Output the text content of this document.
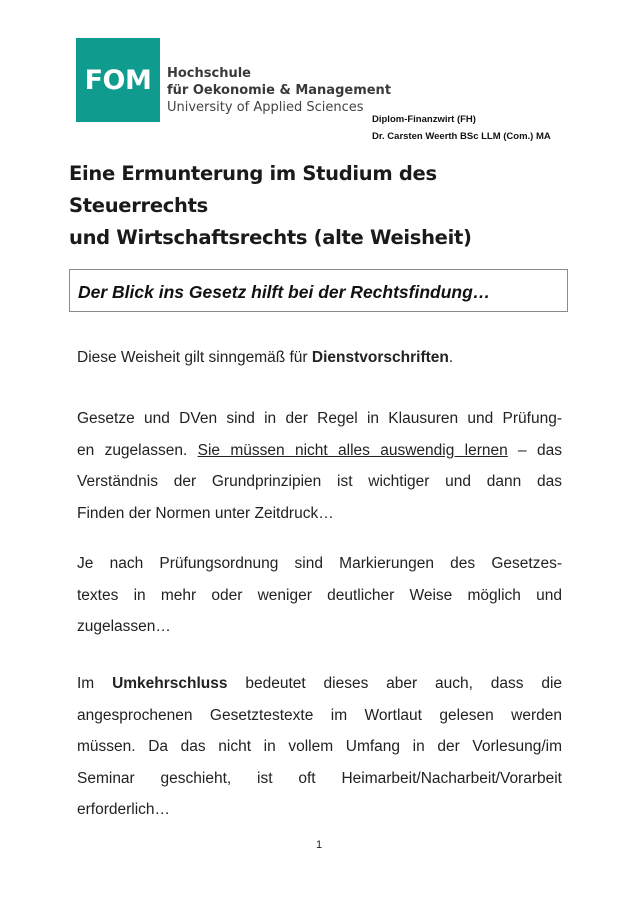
FOM	Hochschule
für Oekonomie & Management
University of Applied Sciences
Diplom-Finanzwirt (FH)
Dr. Carsten Weerth BSc LLM (Com.) MA
Eine Ermunterung im Studium des Steuerrechts
und Wirtschaftsrechts (alte Weisheit)
Der Blick ins Gesetz hilft bei der Rechtsfindung…
Diese Weisheit gilt sinngemäß für Dienstvorschriften.
Gesetze und DVen sind in der Regel in Klausuren und Prüfung-
en zugelassen. Sie müssen nicht alles auswendig lernen – das
Verständnis der Grundprinzipien ist wichtiger und dann das
Finden der Normen unter Zeitdruck…
Je nach Prüfungsordnung sind Markierungen des Gesetzes-
textes in mehr oder weniger deutlicher Weise möglich und
zugelassen…
Im Umkehrschluss bedeutet dieses aber auch, dass die
angesprochenen Gesetztestexte im Wortlaut gelesen werden
müssen. Da das nicht in vollem Umfang in der Vorlesung/im
Seminar geschieht, ist oft Heimarbeit/Nacharbeit/Vorarbeit
erforderlich…
1
